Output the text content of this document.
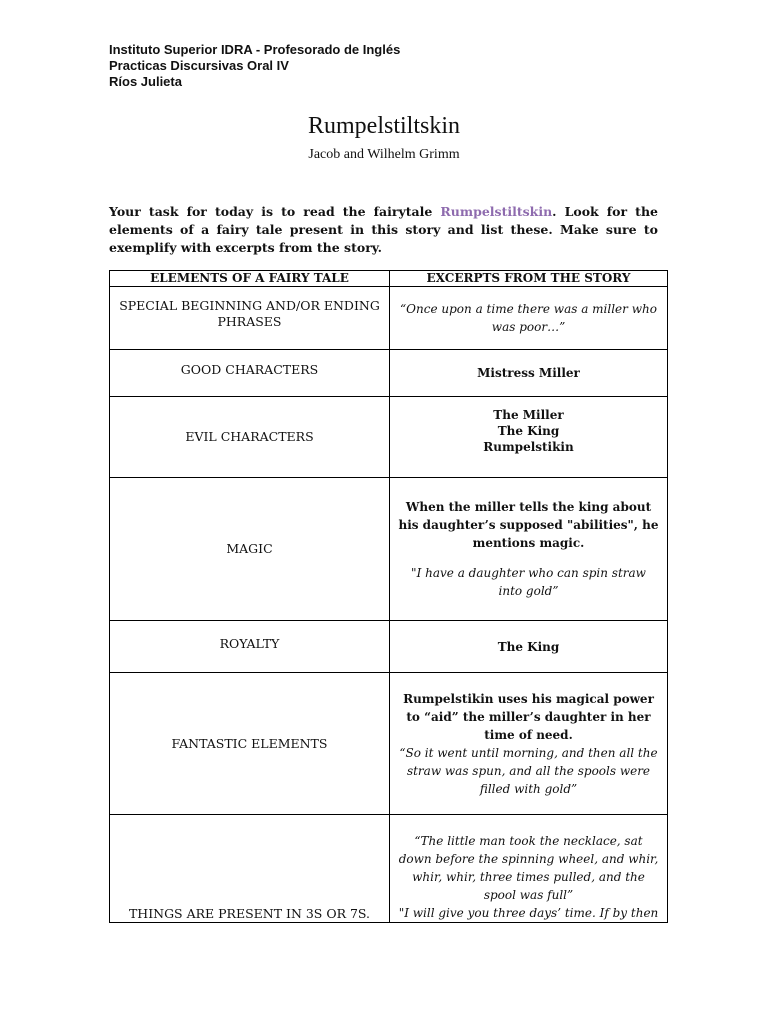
Instituto Superior IDRA - Profesorado de Inglés
Practicas Discursivas Oral IV
Ríos Julieta
Rumpelstiltskin
Jacob and Wilhelm Grimm
Your task for today is to read the fairytale Rumpelstiltskin. Look for the elements of a fairy tale present in this story and list these. Make sure to exemplify with excerpts from the story.
ELEMENTS OF A FAIRY TALE	EXCERPTS FROM THE STORY

SPECIAL BEGINNING AND/OR ENDING PHRASES	“Once upon a time there was a miller who was poor…”

GOOD CHARACTERS	Mistress Miller

EVIL CHARACTERS	The Miller
The King
Rumpelstikin

MAGIC	When the miller tells the king about his daughter’s supposed "abilities", he mentions magic.
"I have a daughter who can spin straw into gold”

ROYALTY	The King

FANTASTIC ELEMENTS	Rumpelstikin uses his magical power to “aid” the miller’s daughter in her time of need.
“So it went until morning, and then all the straw was spun, and all the spools were filled with gold”

THINGS ARE PRESENT IN 3S OR 7S.	“The little man took the necklace, sat down before the spinning wheel, and whir, whir, whir, three times pulled, and the spool was full”
"I will give you three days’ time. If by then
